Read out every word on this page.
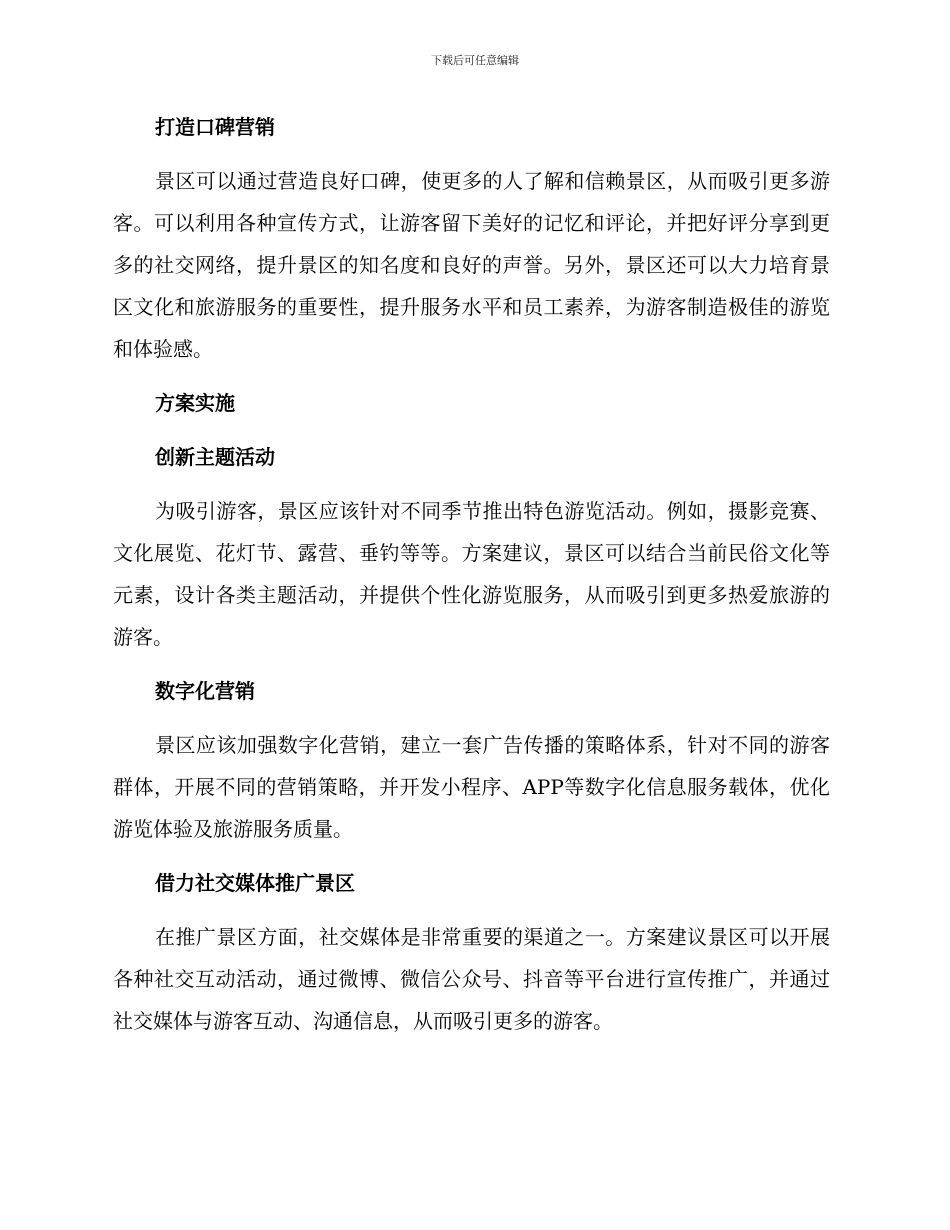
下载后可任意编辑
打造口碑营销
景区可以通过营造良好口碑，使更多的人了解和信赖景区，从而吸引更多游客。可以利用各种宣传方式，让游客留下美好的记忆和评论，并把好评分享到更多的社交网络，提升景区的知名度和良好的声誉。另外，景区还可以大力培育景区文化和旅游服务的重要性，提升服务水平和员工素养，为游客制造极佳的游览和体验感。
方案实施
创新主题活动
为吸引游客，景区应该针对不同季节推出特色游览活动。例如，摄影竞赛、文化展览、花灯节、露营、垂钓等等。方案建议，景区可以结合当前民俗文化等元素，设计各类主题活动，并提供个性化游览服务，从而吸引到更多热爱旅游的游客。
数字化营销
景区应该加强数字化营销，建立一套广告传播的策略体系，针对不同的游客群体，开展不同的营销策略，并开发小程序、APP等数字化信息服务载体，优化游览体验及旅游服务质量。
借力社交媒体推广景区
在推广景区方面，社交媒体是非常重要的渠道之一。方案建议景区可以开展各种社交互动活动，通过微博、微信公众号、抖音等平台进行宣传推广，并通过社交媒体与游客互动、沟通信息，从而吸引更多的游客。
